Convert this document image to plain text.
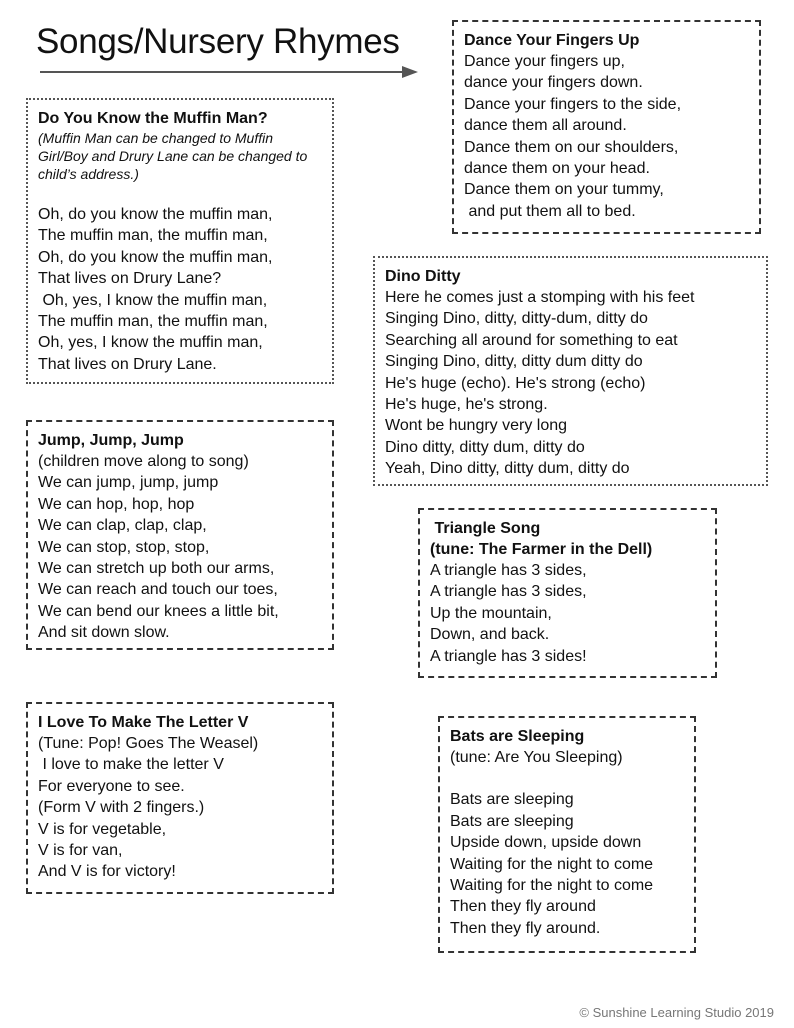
Songs/Nursery Rhymes
Do You Know the Muffin Man?
(Muffin Man can be changed to Muffin Girl/Boy and Drury Lane can be changed to child’s address.)
Oh, do you know the muffin man,
The muffin man, the muffin man,
Oh, do you know the muffin man,
That lives on Drury Lane?
Oh, yes, I know the muffin man,
The muffin man, the muffin man,
Oh, yes, I know the muffin man,
That lives on Drury Lane.
Dance Your Fingers Up
Dance your fingers up,
dance your fingers down.
Dance your fingers to the side,
dance them all around.
Dance them on our shoulders,
dance them on your head.
Dance them on your tummy,
and put them all to bed.
Dino Ditty
Here he comes just a stomping with his feet
Singing Dino, ditty, ditty-dum, ditty do
Searching all around for something to eat
Singing Dino, ditty, ditty dum ditty do
He's huge (echo). He's strong (echo)
He's huge, he's strong.
Wont be hungry very long
Dino ditty, ditty dum, ditty do
Yeah, Dino ditty, ditty dum, ditty do
Jump, Jump, Jump
(children move along to song)
We can jump, jump, jump
We can hop, hop, hop
We can clap, clap, clap,
We can stop, stop, stop,
We can stretch up both our arms,
We can reach and touch our toes,
We can bend our knees a little bit,
And sit down slow.
Triangle Song
(tune: The Farmer in the Dell)
A triangle has 3 sides,
A triangle has 3 sides,
Up the mountain,
Down, and back.
A triangle has 3 sides!
I Love To Make The Letter V
(Tune: Pop! Goes The Weasel)
I love to make the letter V
For everyone to see.
(Form V with 2 fingers.)
V is for vegetable,
V is for van,
And V is for victory!
Bats are Sleeping
(tune: Are You Sleeping)
Bats are sleeping
Bats are sleeping
Upside down, upside down
Waiting for the night to come
Waiting for the night to come
Then they fly around
Then they fly around.
© Sunshine Learning Studio 2019
